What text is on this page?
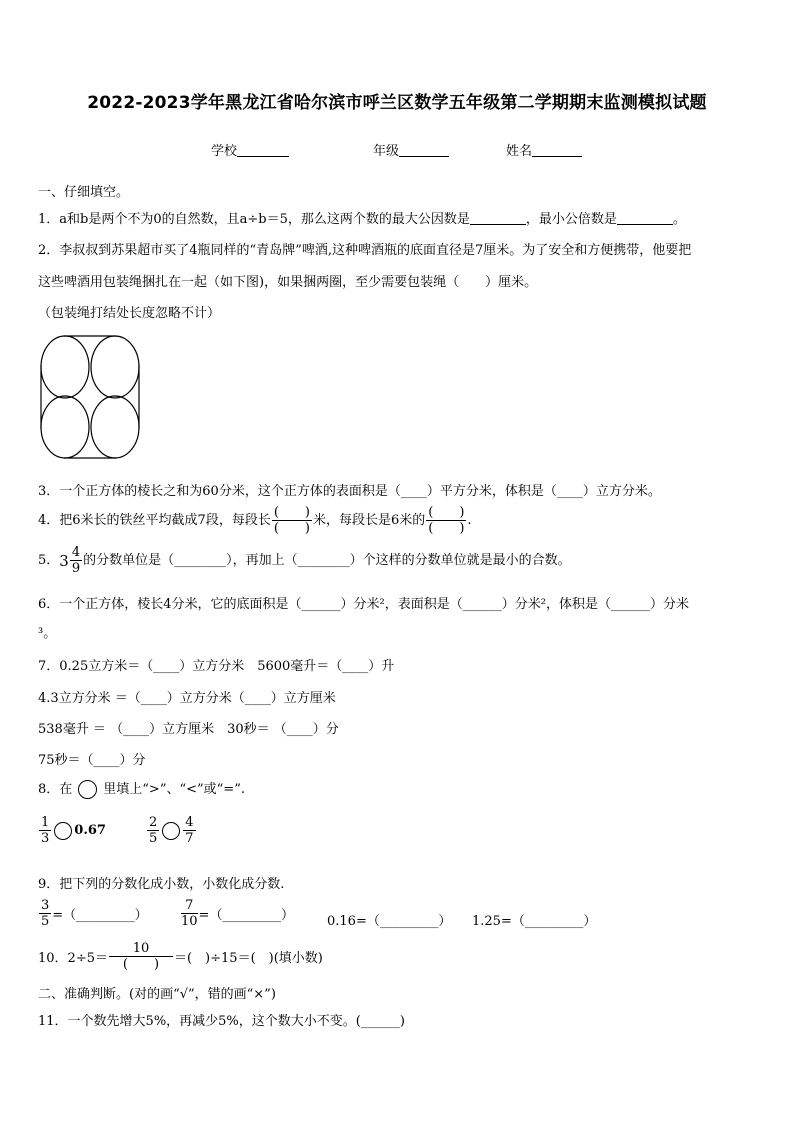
2022-2023学年黑龙江省哈尔滨市呼兰区数学五年级第二学期期末监测模拟试题
学校	年级	姓名
一、仔细填空。
1．a和b是两个不为0的自然数，且a÷b＝5，那么这两个数的最大公因数是	，最小公倍数是	。
2．李叔叔到苏果超市买了4瓶同样的“青岛牌”啤酒,这种啤酒瓶的底面直径是7厘米。为了安全和方便携带，他要把
这些啤酒用包装绳捆扎在一起（如下图)，如果捆两圈，至少需要包装绳（　　）厘米。
（包装绳打结处长度忽略不计）
3．一个正方体的棱长之和为60分米，这个正方体的表面积是（____）平方分米，体积是（____）立方分米。
4．把6米长的铁丝平均截成7段，每段长 $\frac{( )}{( )}$ 米，每段长是6米的 $\frac{( )}{( )}$ .
5．$3 \frac{4}{9}$ 的分数单位是（________），再加上（________）个这样的分数单位就是最小的合数。
6．一个正方体，棱长4分米，它的底面积是（______）分米²，表面积是（______）分米²，体积是（______）分米
³。
7．0.25立方米＝（____）立方分米　5600毫升＝（____）升
4.3立方分米 ＝（____）立方分米（____）立方厘米
538毫升 ＝ （____）立方厘米　30秒＝ （____）分
75秒＝（____）分
8．在 里填上“>”、“<”或“=”.
$\frac{1}{3} 0.67$	$\frac{2}{5} \frac{4}{7}$
9．把下列的分数化成小数，小数化成分数.
$\frac{3}{5}$ =（_________）	$\frac{7}{10}$ =（_________）	0.16=（_________） 1.25=（_________）
10．$2\div 5= \frac{10}{( )}$ ＝(　)÷15＝(　)(填小数)
二、准确判断。(对的画“√”，错的画“×”)
11．一个数先增大5%，再减少5%，这个数大小不变。(______)
